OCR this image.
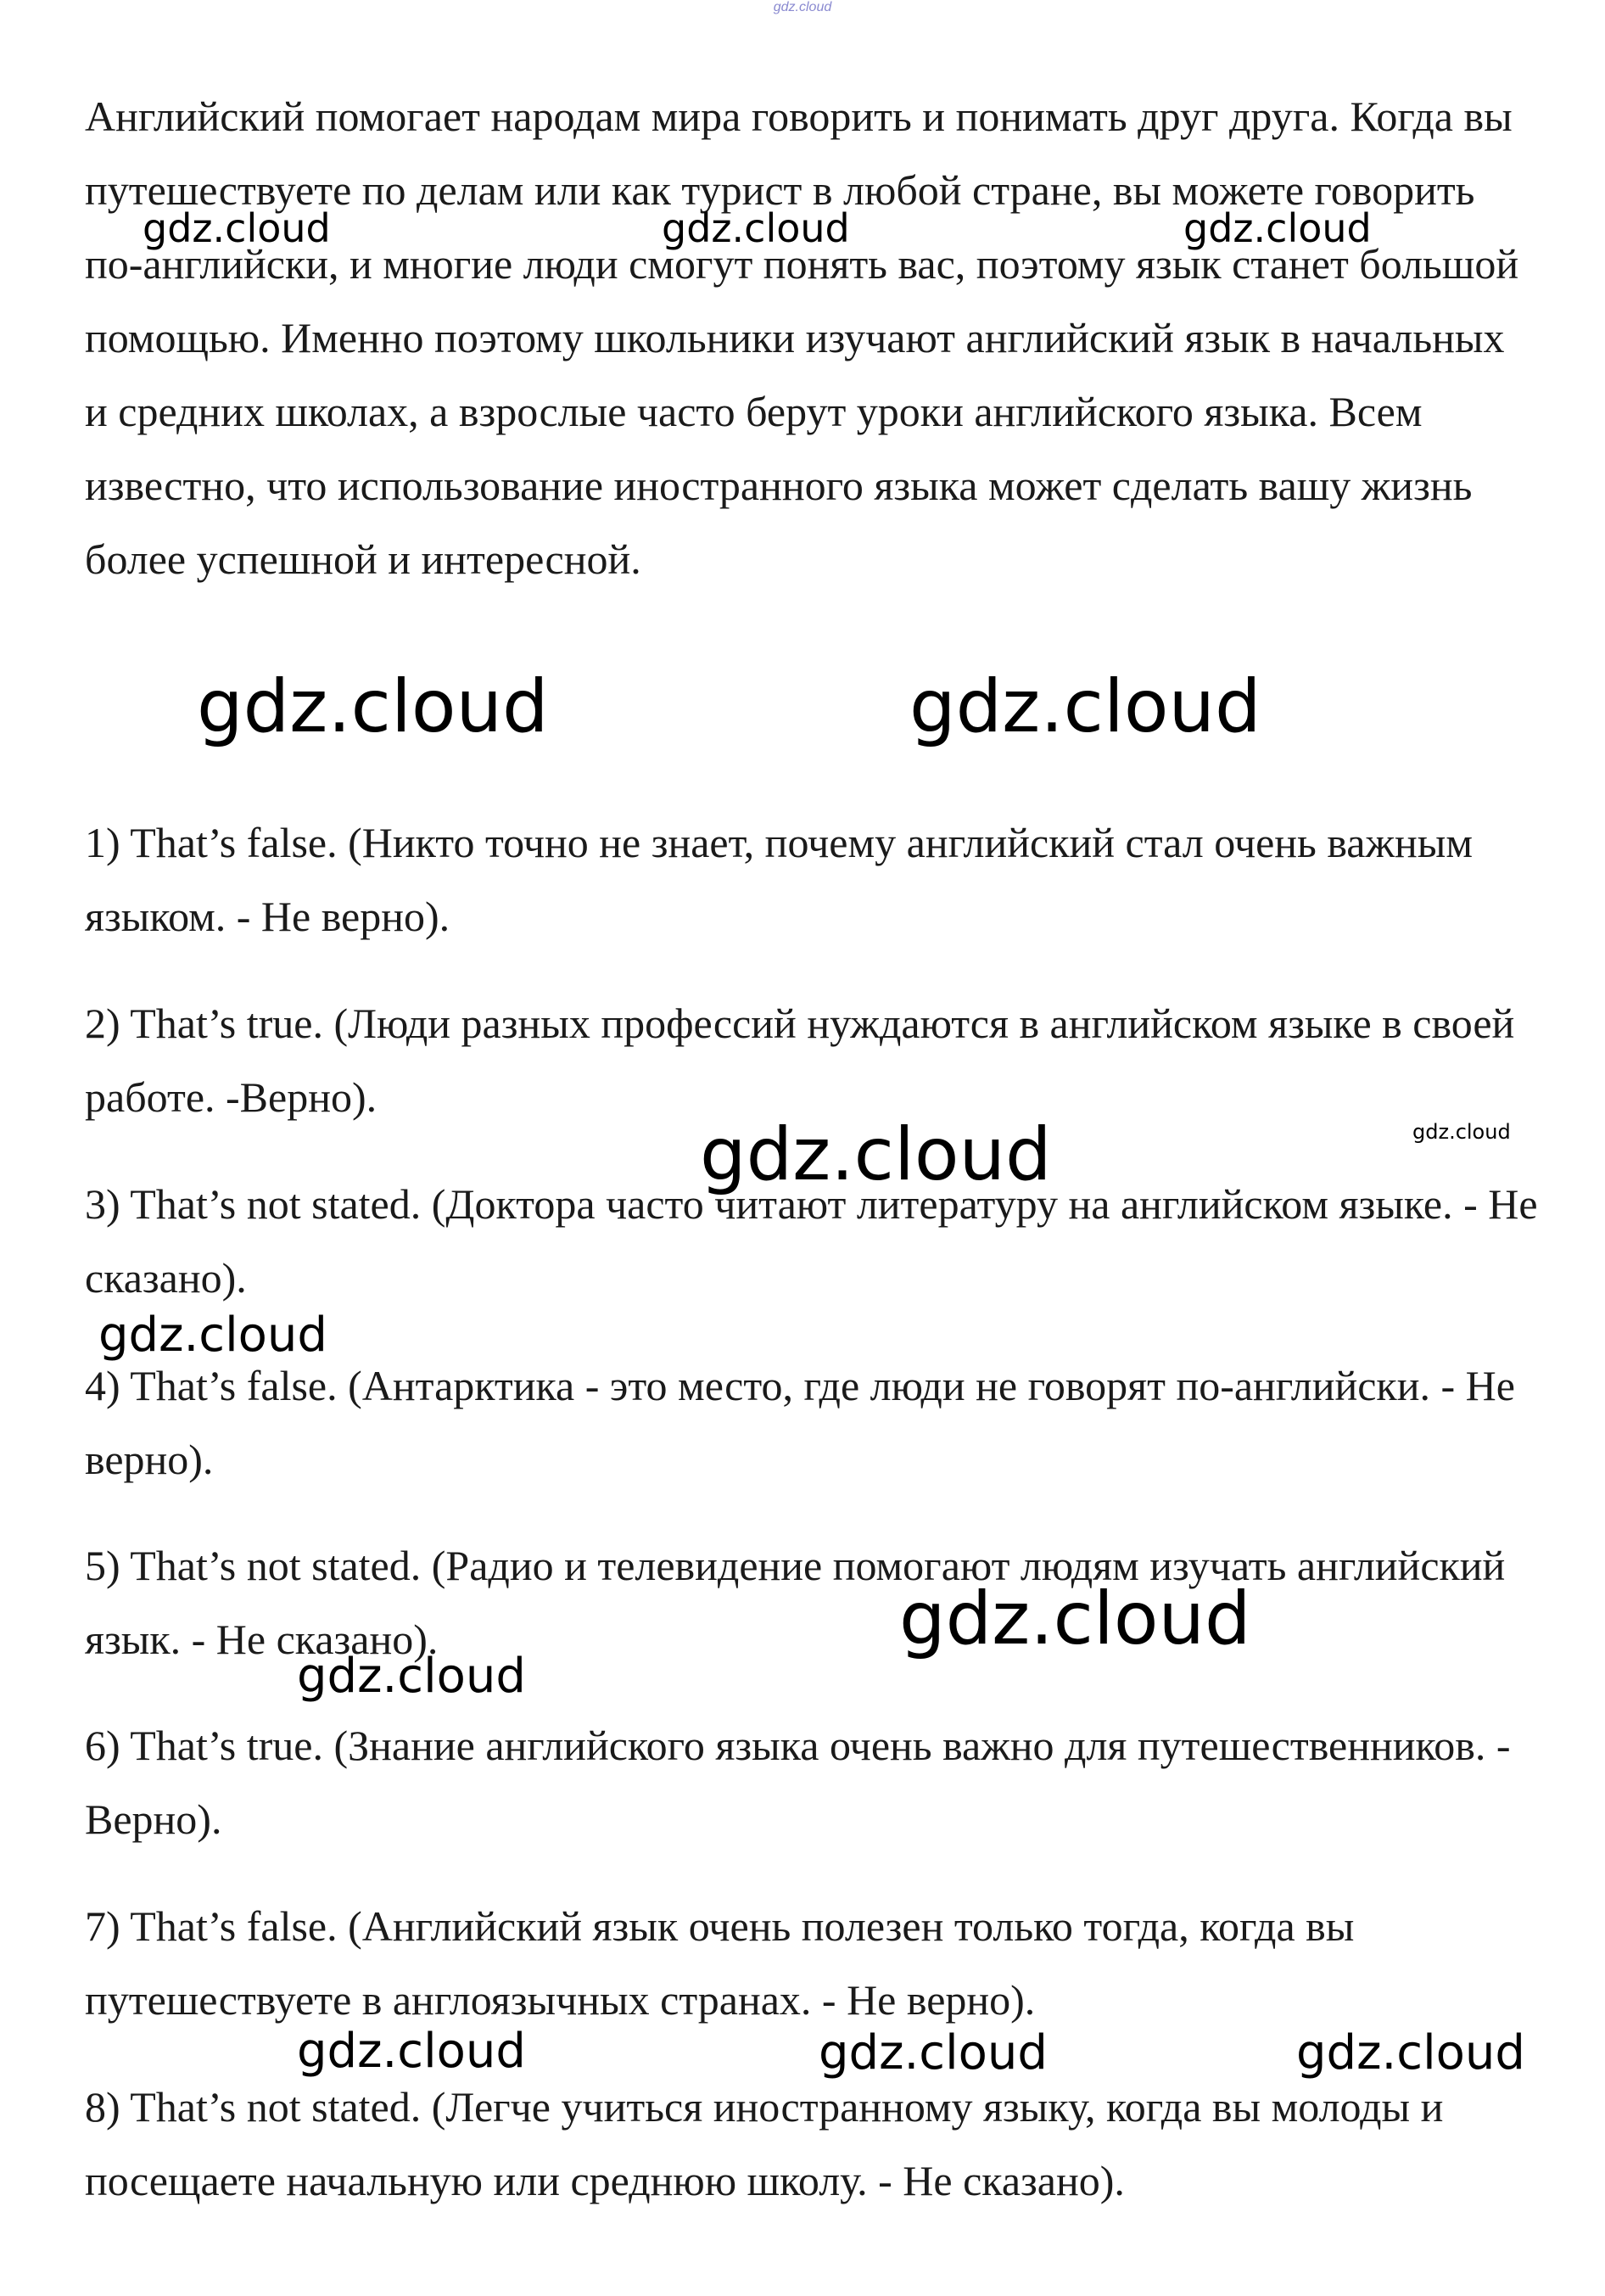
gdz.cloud

Английский помогает народам мира говорить и понимать друг друга. Когда вы путешествуете по делам или как турист в любой стране, вы можете говорить по-английски, и многие люди смогут понять вас, поэтому язык станет большой помощью. Именно поэтому школьники изучают английский язык в начальных и средних школах, а взрослые часто берут уроки английского языка. Всем известно, что использование иностранного языка может сделать вашу жизнь более успешной и интересной.

1) That’s false. (Никто точно не знает, почему английский стал очень важным языком. - Не верно).

2) That’s true. (Люди разных профессий нуждаются в английском языке в своей работе. -Верно).

3) That’s not stated. (Доктора часто читают литературу на английском языке. - Не сказано).

4) That’s false. (Антарктика - это место, где люди не говорят по-английски. - Не верно).

5) That’s not stated. (Радио и телевидение помогают людям изучать английский язык. - Не сказано).

6) That’s true. (Знание английского языка очень важно для путешественников. - Верно).

7) That’s false. (Английский язык очень полезен только тогда, когда вы путешествуете в англоязычных странах. - Не верно).

8) That’s not stated. (Легче учиться иностранному языку, когда вы молоды и посещаете начальную или среднюю школу. - Не сказано).

gdz.cloud	gdz.cloud	gdz.cloud
gdz.cloud	gdz.cloud
gdz.cloud	gdz.cloud
gdz.cloud
gdz.cloud
gdz.cloud
gdz.cloud	gdz.cloud	gdz.cloud
